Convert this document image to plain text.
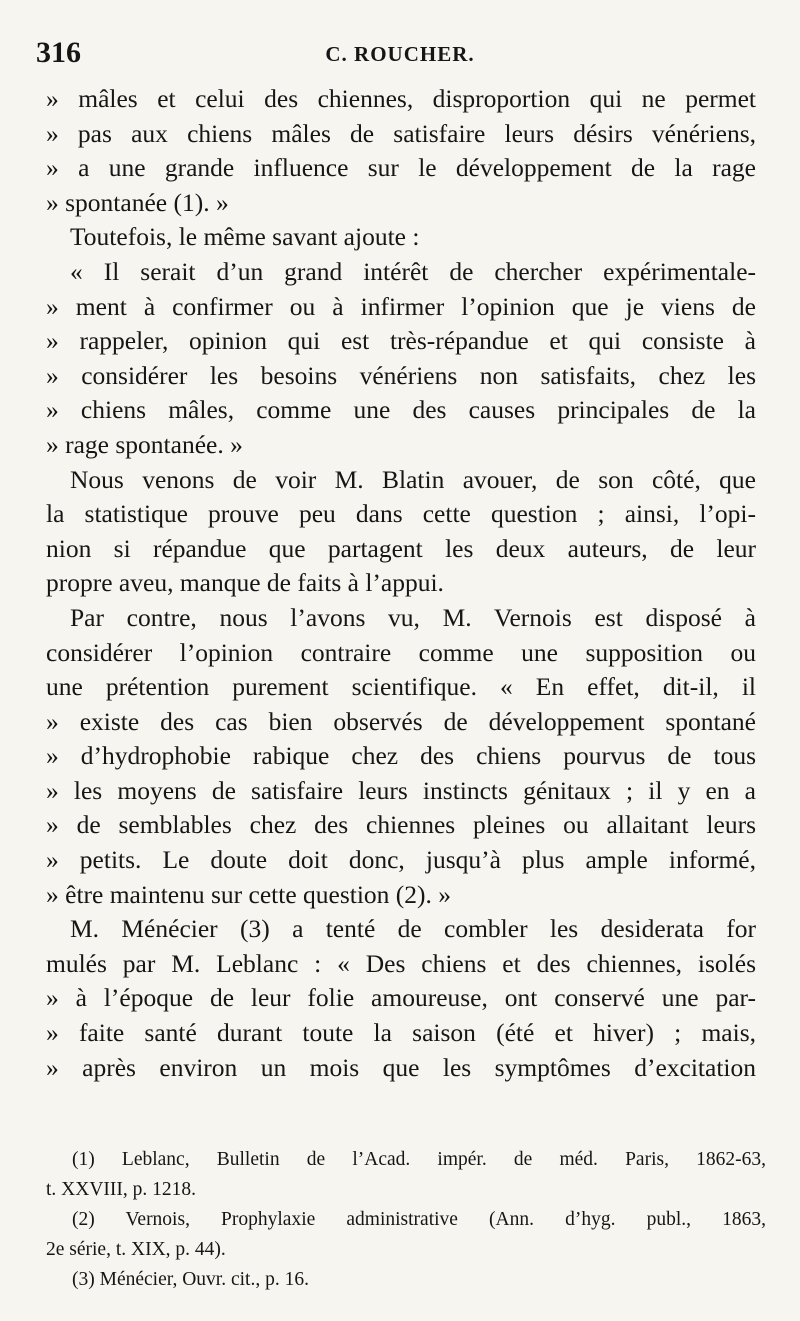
316	C. ROUCHER.
» mâles et celui des chiennes, disproportion qui ne permet
» pas aux chiens mâles de satisfaire leurs désirs vénériens,
» a une grande influence sur le développement de la rage
» spontanée (1). »
Toutefois, le même savant ajoute :
« Il serait d’un grand intérêt de chercher expérimentale-
» ment à confirmer ou à infirmer l’opinion que je viens de
» rappeler, opinion qui est très-répandue et qui consiste à
» considérer les besoins vénériens non satisfaits, chez les
» chiens mâles, comme une des causes principales de la
» rage spontanée. »
Nous venons de voir M. Blatin avouer, de son côté, que
la statistique prouve peu dans cette question ; ainsi, l’opi-
nion si répandue que partagent les deux auteurs, de leur
propre aveu, manque de faits à l’appui.
Par contre, nous l’avons vu, M. Vernois est disposé à
considérer l’opinion contraire comme une supposition ou
une prétention purement scientifique. « En effet, dit-il, il
» existe des cas bien observés de développement spontané
» d’hydrophobie rabique chez des chiens pourvus de tous
» les moyens de satisfaire leurs instincts génitaux ; il y en a
» de semblables chez des chiennes pleines ou allaitant leurs
» petits. Le doute doit donc, jusqu’à plus ample informé,
» être maintenu sur cette question (2). »
M. Ménécier (3) a tenté de combler les desiderata for
mulés par M. Leblanc : « Des chiens et des chiennes, isolés
» à l’époque de leur folie amoureuse, ont conservé une par-
» faite santé durant toute la saison (été et hiver) ; mais,
» après environ un mois que les symptômes d’excitation
(1) Leblanc, Bulletin de l’Acad. impér. de méd. Paris, 1862-63,
t. XXVIII, p. 1218.
(2) Vernois, Prophylaxie administrative (Ann. d’hyg. publ., 1863,
2e série, t. XIX, p. 44).
(3) Ménécier, Ouvr. cit., p. 16.
